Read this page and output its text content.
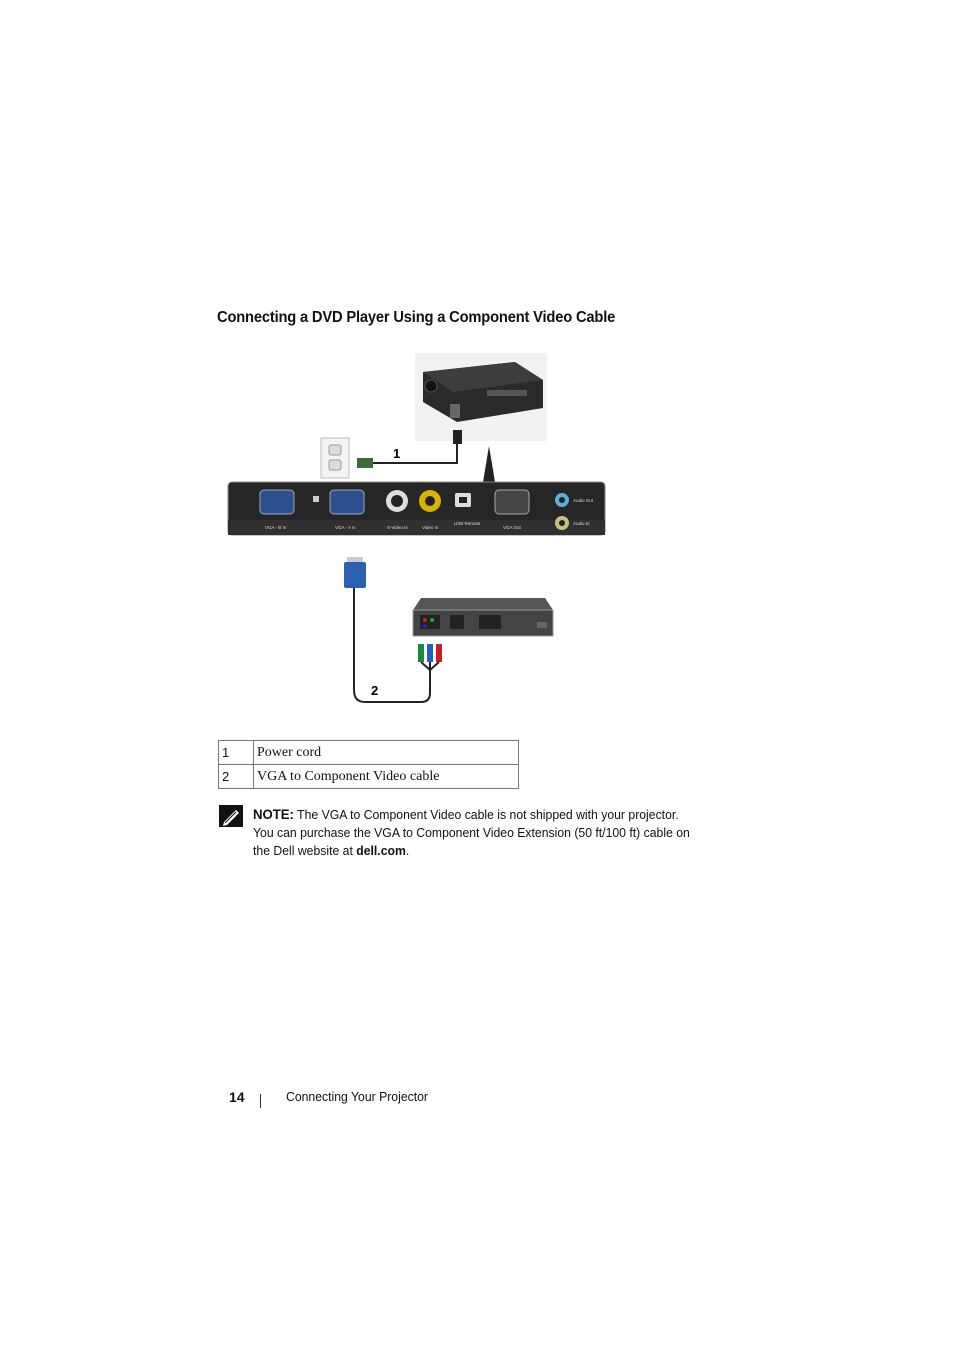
Connecting a DVD Player Using a Component Video Cable
1
VGA - B In	VGA - A In	S-Video In	Video In
USB Remote
VGA Out
Audio Out
Audio In
2
1	Power cord
2	VGA to Component Video cable
NOTE: The VGA to Component Video cable is not shipped with your projector. You can purchase the VGA to Component Video Extension (50 ft/100 ft) cable on the Dell website at dell.com.
14	Connecting Your Projector
